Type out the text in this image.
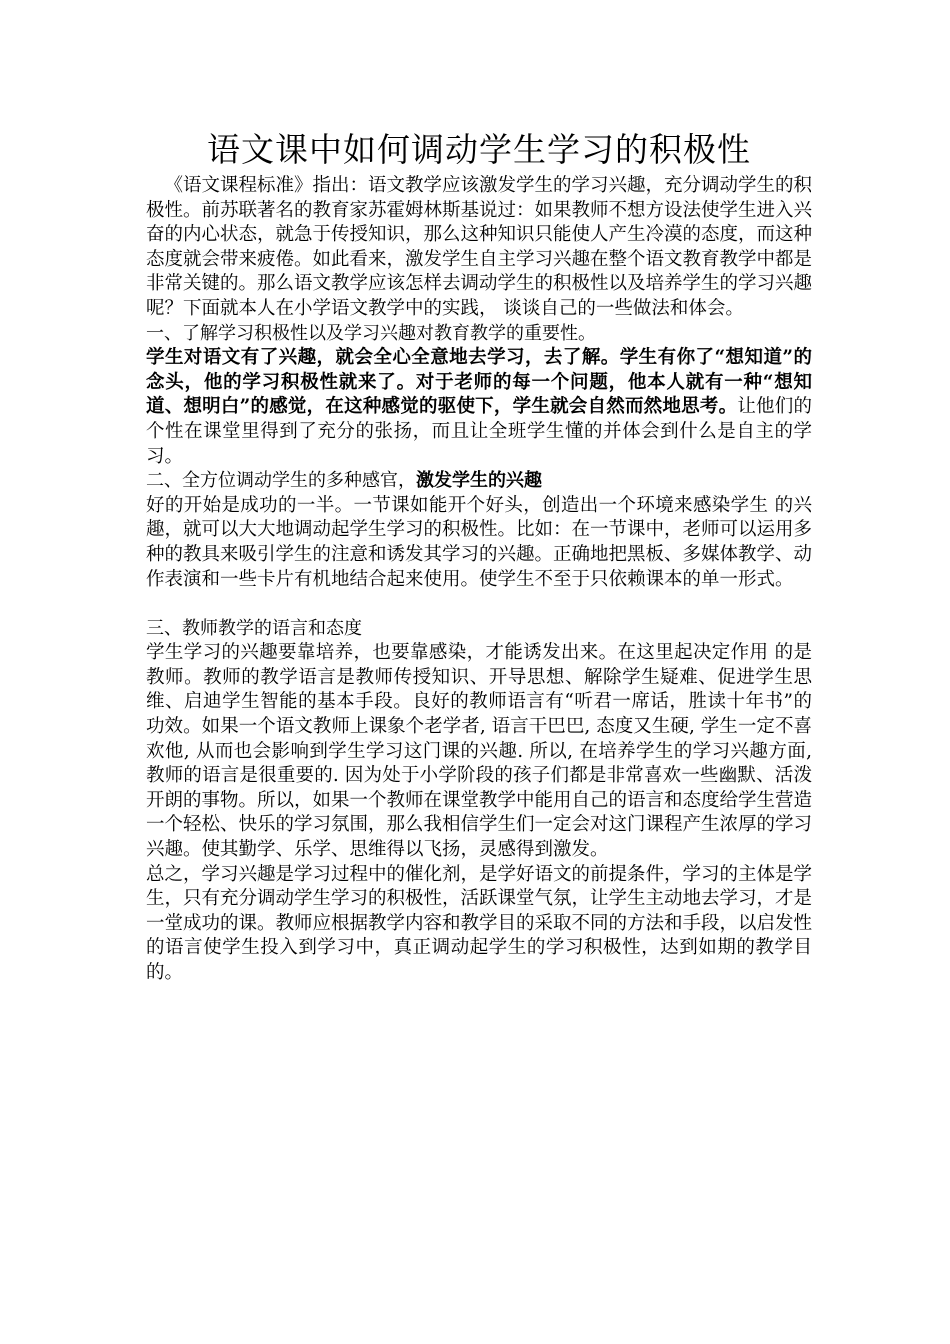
语文课中如何调动学生学习的积极性

《语文课程标准》指出：语文教学应该激发学生的学习兴趣，充分调动学生的积极性。前苏联著名的教育家苏霍姆林斯基说过：如果教师不想方设法使学生进入兴奋的内心状态，就急于传授知识，那么这种知识只能使人产生冷漠的态度，而这种态度就会带来疲倦。如此看来，激发学生自主学习兴趣在整个语文教育教学中都是非常关键的。那么语文教学应该怎样去调动学生的积极性以及培养学生的学习兴趣呢？下面就本人在小学语文教学中的实践， 谈谈自己的一些做法和体会。

一、了解学习积极性以及学习兴趣对教育教学的重要性。

学生对语文有了兴趣，就会全心全意地去学习，去了解。学生有你了“想知道”的念头，他的学习积极性就来了。对于老师的每一个问题，他本人就有一种“想知道、想明白”的感觉，在这种感觉的驱使下，学生就会自然而然地思考。让他们的个性在课堂里得到了充分的张扬，而且让全班学生懂的并体会到什么是自主的学习。

二、全方位调动学生的多种感官，激发学生的兴趣

好的开始是成功的一半。一节课如能开个好头，创造出一个环境来感染学生 的兴趣，就可以大大地调动起学生学习的积极性。比如：在一节课中，老师可以运用多种的教具来吸引学生的注意和诱发其学习的兴趣。正确地把黑板、多媒体教学、动作表演和一些卡片有机地结合起来使用。使学生不至于只依赖课本的单一形式。

三、教师教学的语言和态度

学生学习的兴趣要靠培养，也要靠感染，才能诱发出来。在这里起决定作用 的是教师。教师的教学语言是教师传授知识、开导思想、解除学生疑难、促进学生思维、启迪学生智能的基本手段。良好的教师语言有“听君一席话，胜读十年书”的功效。如果一个语文教师上课象个老学者, 语言干巴巴, 态度又生硬, 学生一定不喜欢他, 从而也会影响到学生学习这门课的兴趣. 所以, 在培养学生的学习兴趣方面, 教师的语言是很重要的. 因为处于小学阶段的孩子们都是非常喜欢一些幽默、活泼开朗的事物。所以，如果一个教师在课堂教学中能用自己的语言和态度给学生营造一个轻松、快乐的学习氛围，那么我相信学生们一定会对这门课程产生浓厚的学习兴趣。使其勤学、乐学、思维得以飞扬，灵感得到激发。

总之，学习兴趣是学习过程中的催化剂，是学好语文的前提条件，学习的主体是学生，只有充分调动学生学习的积极性，活跃课堂气氛，让学生主动地去学习，才是一堂成功的课。教师应根据教学内容和教学目的采取不同的方法和手段，以启发性的语言使学生投入到学习中，真正调动起学生的学习积极性，达到如期的教学目的。
